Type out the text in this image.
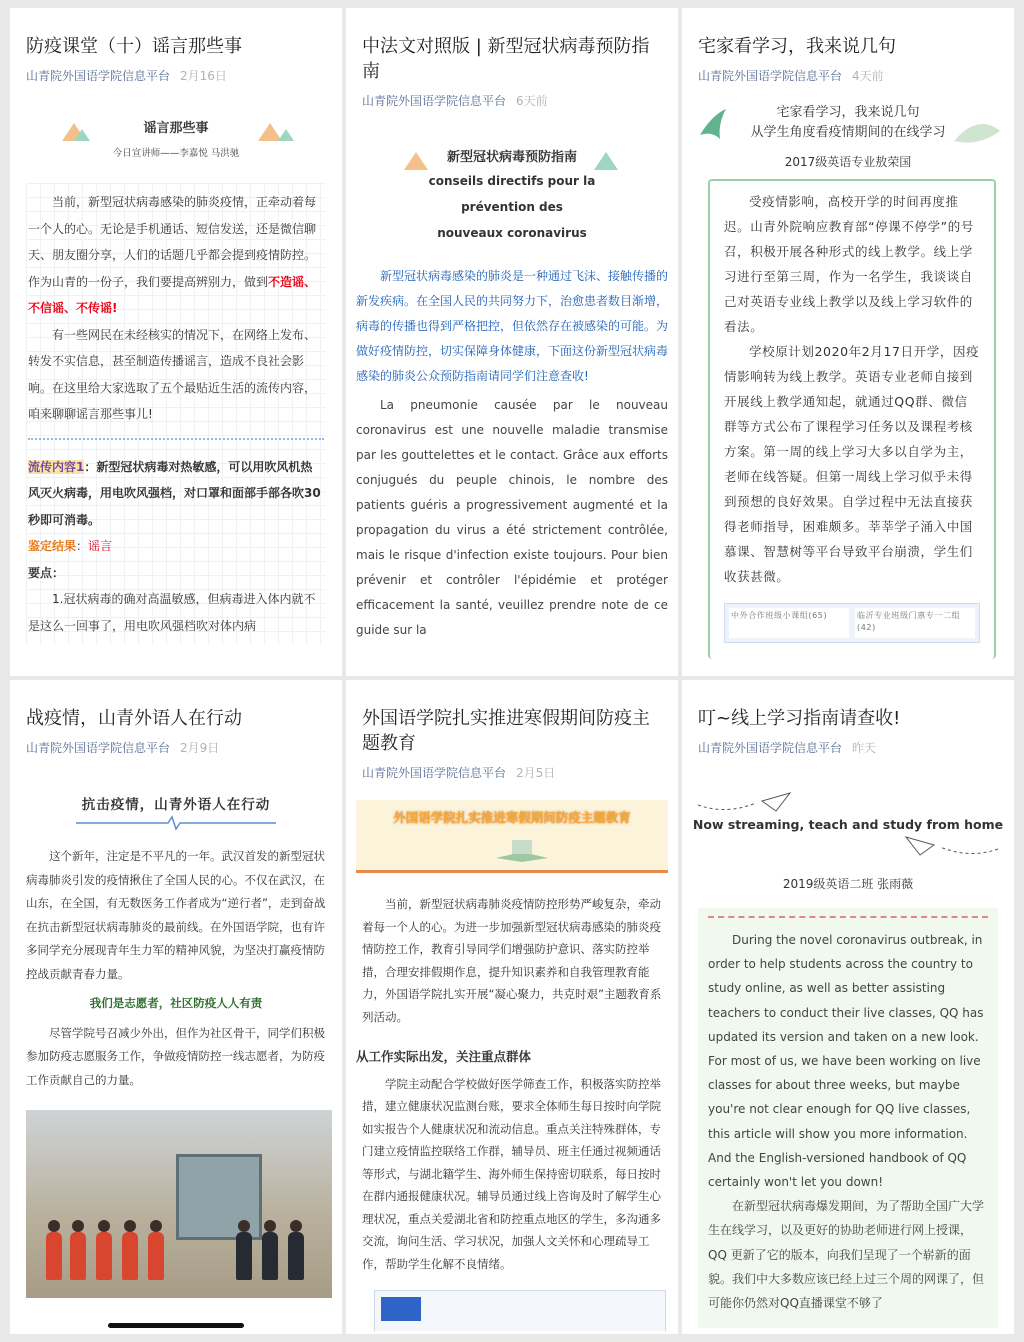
防疫课堂（十）谣言那些事
山青院外国语学院信息平台 2月16日
谣言那些事
今日宣讲师——李嘉悦 马洪驰

当前，新型冠状病毒感染的肺炎疫情，正牵动着每一个人的心。无论是手机通话、短信发送，还是微信聊天、朋友圈分享，人们的话题几乎都会提到疫情防控。作为山青的一份子，我们要提高辨别力，做到不造谣、不信谣、不传谣!

有一些网民在未经核实的情况下，在网络上发布、转发不实信息，甚至制造传播谣言，造成不良社会影响。在这里给大家选取了五个最贴近生活的流传内容，咱来聊聊谣言那些事儿!

流传内容1：新型冠状病毒对热敏感，可以用吹风机热风灭火病毒，用电吹风强档，对口罩和面部手部各吹30秒即可消毒。

鉴定结果：谣言

要点：

1.冠状病毒的确对高温敏感，但病毒进入体内就不是这么一回事了，用电吹风强档吹对体内病

中法文对照版 | 新型冠状病毒预防指南
山青院外国语学院信息平台 6天前
新型冠状病毒预防指南
conseils directifs pour la
prévention des
nouveaux coronavirus

新型冠状病毒感染的肺炎是一种通过飞沫、接触传播的新发疾病。在全国人民的共同努力下，治愈患者数目渐增，病毒的传播也得到严格把控，但依然存在被感染的可能。为做好疫情防控，切实保障身体健康，下面这份新型冠状病毒感染的肺炎公众预防指南请同学们注意查收!

La pneumonie causée par le nouveau coronavirus est une nouvelle maladie transmise par les gouttelettes et le contact. Grâce aux efforts conjugués du peuple chinois, le nombre des patients guéris a progressivement augmenté et la propagation du virus a été strictement contrôlée, mais le risque d'infection existe toujours. Pour bien prévenir et contrôler l'épidémie et protéger efficacement la santé, veuillez prendre note de ce guide sur la

宅家看学习，我来说几句
山青院外国语学院信息平台 4天前
宅家看学习，我来说几句
从学生角度看疫情期间的在线学习
2017级英语专业敖荣国

受疫情影响，高校开学的时间再度推迟。山青外院响应教育部“停课不停学”的号召，积极开展各种形式的线上教学。线上学习进行至第三周，作为一名学生，我谈谈自己对英语专业线上教学以及线上学习软件的看法。

学校原计划2020年2月17日开学，因疫情影响转为线上教学。英语专业老师自接到开展线上教学通知起，就通过QQ群、微信群等方式公布了课程学习任务以及课程考核方案。第一周的线上学习大多以自学为主，老师在线答疑。但第一周线上学习似乎未得到预想的良好效果。自学过程中无法直接获得老师指导，困难颇多。莘莘学子涌入中国慕课、智慧树等平台导致平台崩溃，学生们收获甚微。

中外合作班级小课组(65)	临沂专业班级门禀专一二组(42)
战疫情，山青外语人在行动
山青院外国语学院信息平台 2月9日
抗击疫情，山青外语人在行动

这个新年，注定是不平凡的一年。武汉首发的新型冠状病毒肺炎引发的疫情揪住了全国人民的心。不仅在武汉，在山东，在全国，有无数医务工作者成为“逆行者”，走到奋战在抗击新型冠状病毒肺炎的最前线。在外国语学院，也有许多同学充分展现青年生力军的精神风貌，为坚决打赢疫情防控战贡献青春力量。

我们是志愿者，社区防疫人人有责

尽管学院号召减少外出，但作为社区骨干，同学们积极参加防疫志愿服务工作，争做疫情防控一线志愿者，为防疫工作贡献自己的力量。

外国语学院扎实推进寒假期间防疫主题教育
山青院外国语学院信息平台 2月5日
外国语学院扎实推进寒假期间防疫主题教育

当前，新型冠状病毒肺炎疫情防控形势严峻复杂，牵动着每一个人的心。为进一步加强新型冠状病毒感染的肺炎疫情防控工作，教育引导同学们增强防护意识、落实防控举措，合理安排假期作息，提升知识素养和自我管理教育能力，外国语学院扎实开展“凝心聚力，共克时艰”主题教育系列活动。

从工作实际出发，关注重点群体

学院主动配合学校做好医学筛查工作，积极落实防控举措，建立健康状况监测台账，要求全体师生每日按时向学院如实报告个人健康状况和流动信息。重点关注特殊群体，专门建立疫情监控联络工作群，辅导员、班主任通过视频通话等形式，与湖北籍学生、海外师生保持密切联系，每日按时在群内通报健康状况。辅导员通过线上咨询及时了解学生心理状况，重点关爱湖北省和防控重点地区的学生，多沟通多交流，询问生活、学习状况，加强人文关怀和心理疏导工作，帮助学生化解不良情绪。

叮~线上学习指南请查收!
山青院外国语学院信息平台 昨天
Now streaming, teach and study from home
2019级英语二班 张雨薇

During the novel coronavirus outbreak, in order to help students across the country to study online, as well as better assisting teachers to conduct their live classes, QQ has updated its version and taken on a new look. For most of us, we have been working on live classes for about three weeks, but maybe you're not clear enough for QQ live classes, this article will show you more information. And the English-versioned handbook of QQ certainly won't let you down!

在新型冠状病毒爆发期间，为了帮助全国广大学生在线学习，以及更好的协助老师进行网上授课，QQ 更新了它的版本，向我们呈现了一个崭新的面貌。我们中大多数应该已经上过三个周的网课了，但可能你仍然对QQ直播课堂不够了
